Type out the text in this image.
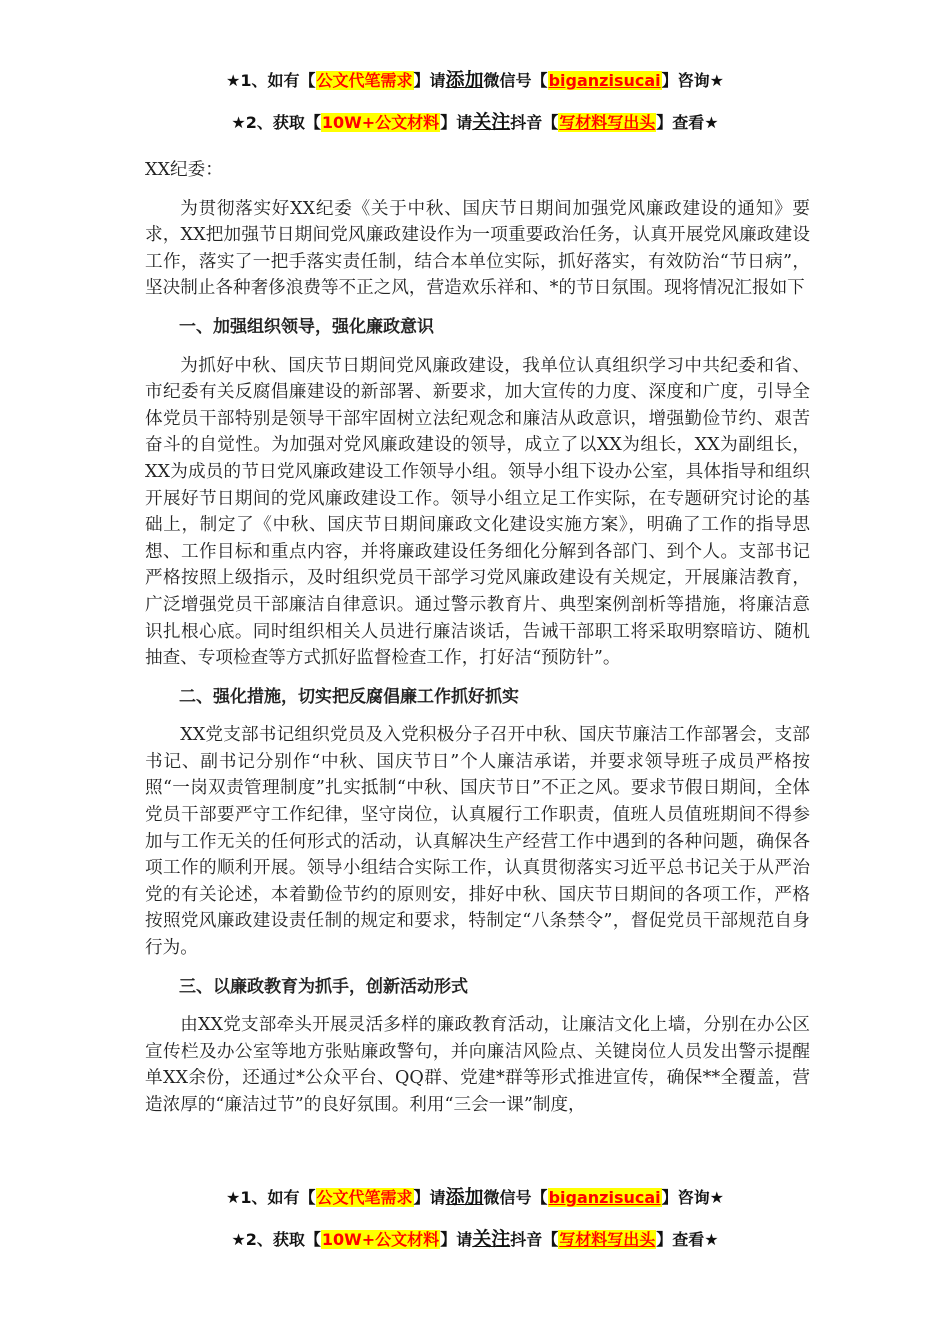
★1、如有【公文代笔需求】请添加微信号【biganzisucai】咨询★
★2、获取【10W+公文材料】请关注抖音【写材料写出头】查看★

XX纪委：

为贯彻落实好XX纪委《关于中秋、国庆节日期间加强党风廉政建设的通知》要求，XX把加强节日期间党风廉政建设作为一项重要政治任务，认真开展党风廉政建设工作，落实了一把手落实责任制，结合本单位实际，抓好落实，有效防治“节日病”，坚决制止各种奢侈浪费等不正之风，营造欢乐祥和、*的节日氛围。现将情况汇报如下

一、加强组织领导，强化廉政意识

为抓好中秋、国庆节日期间党风廉政建设，我单位认真组织学习中共纪委和省、市纪委有关反腐倡廉建设的新部署、新要求，加大宣传的力度、深度和广度，引导全体党员干部特别是领导干部牢固树立法纪观念和廉洁从政意识，增强勤俭节约、艰苦奋斗的自觉性。为加强对党风廉政建设的领导，成立了以XX为组长，XX为副组长，XX为成员的节日党风廉政建设工作领导小组。领导小组下设办公室，具体指导和组织开展好节日期间的党风廉政建设工作。领导小组立足工作实际，在专题研究讨论的基础上，制定了《中秋、国庆节日期间廉政文化建设实施方案》，明确了工作的指导思想、工作目标和重点内容，并将廉政建设任务细化分解到各部门、到个人。支部书记严格按照上级指示，及时组织党员干部学习党风廉政建设有关规定，开展廉洁教育，广泛增强党员干部廉洁自律意识。通过警示教育片、典型案例剖析等措施，将廉洁意识扎根心底。同时组织相关人员进行廉洁谈话，告诫干部职工将采取明察暗访、随机抽查、专项检查等方式抓好监督检查工作，打好洁“预防针”。

二、强化措施，切实把反腐倡廉工作抓好抓实

XX党支部书记组织党员及入党积极分子召开中秋、国庆节廉洁工作部署会，支部书记、副书记分别作“中秋、国庆节日”个人廉洁承诺，并要求领导班子成员严格按照“一岗双责管理制度”扎实抵制“中秋、国庆节日”不正之风。要求节假日期间，全体党员干部要严守工作纪律，坚守岗位，认真履行工作职责，值班人员值班期间不得参加与工作无关的任何形式的活动，认真解决生产经营工作中遇到的各种问题，确保各项工作的顺利开展。领导小组结合实际工作，认真贯彻落实习近平总书记关于从严治党的有关论述，本着勤俭节约的原则安，排好中秋、国庆节日期间的各项工作，严格按照党风廉政建设责任制的规定和要求，特制定“八条禁令”，督促党员干部规范自身行为。

三、以廉政教育为抓手，创新活动形式

由XX党支部牵头开展灵活多样的廉政教育活动，让廉洁文化上墙，分别在办公区宣传栏及办公室等地方张贴廉政警句，并向廉洁风险点、关键岗位人员发出警示提醒单XX余份，还通过*公众平台、QQ群、党建*群等形式推进宣传，确保**全覆盖，营造浓厚的“廉洁过节”的良好氛围。利用“三会一课”制度，

★1、如有【公文代笔需求】请添加微信号【biganzisucai】咨询★
★2、获取【10W+公文材料】请关注抖音【写材料写出头】查看★
